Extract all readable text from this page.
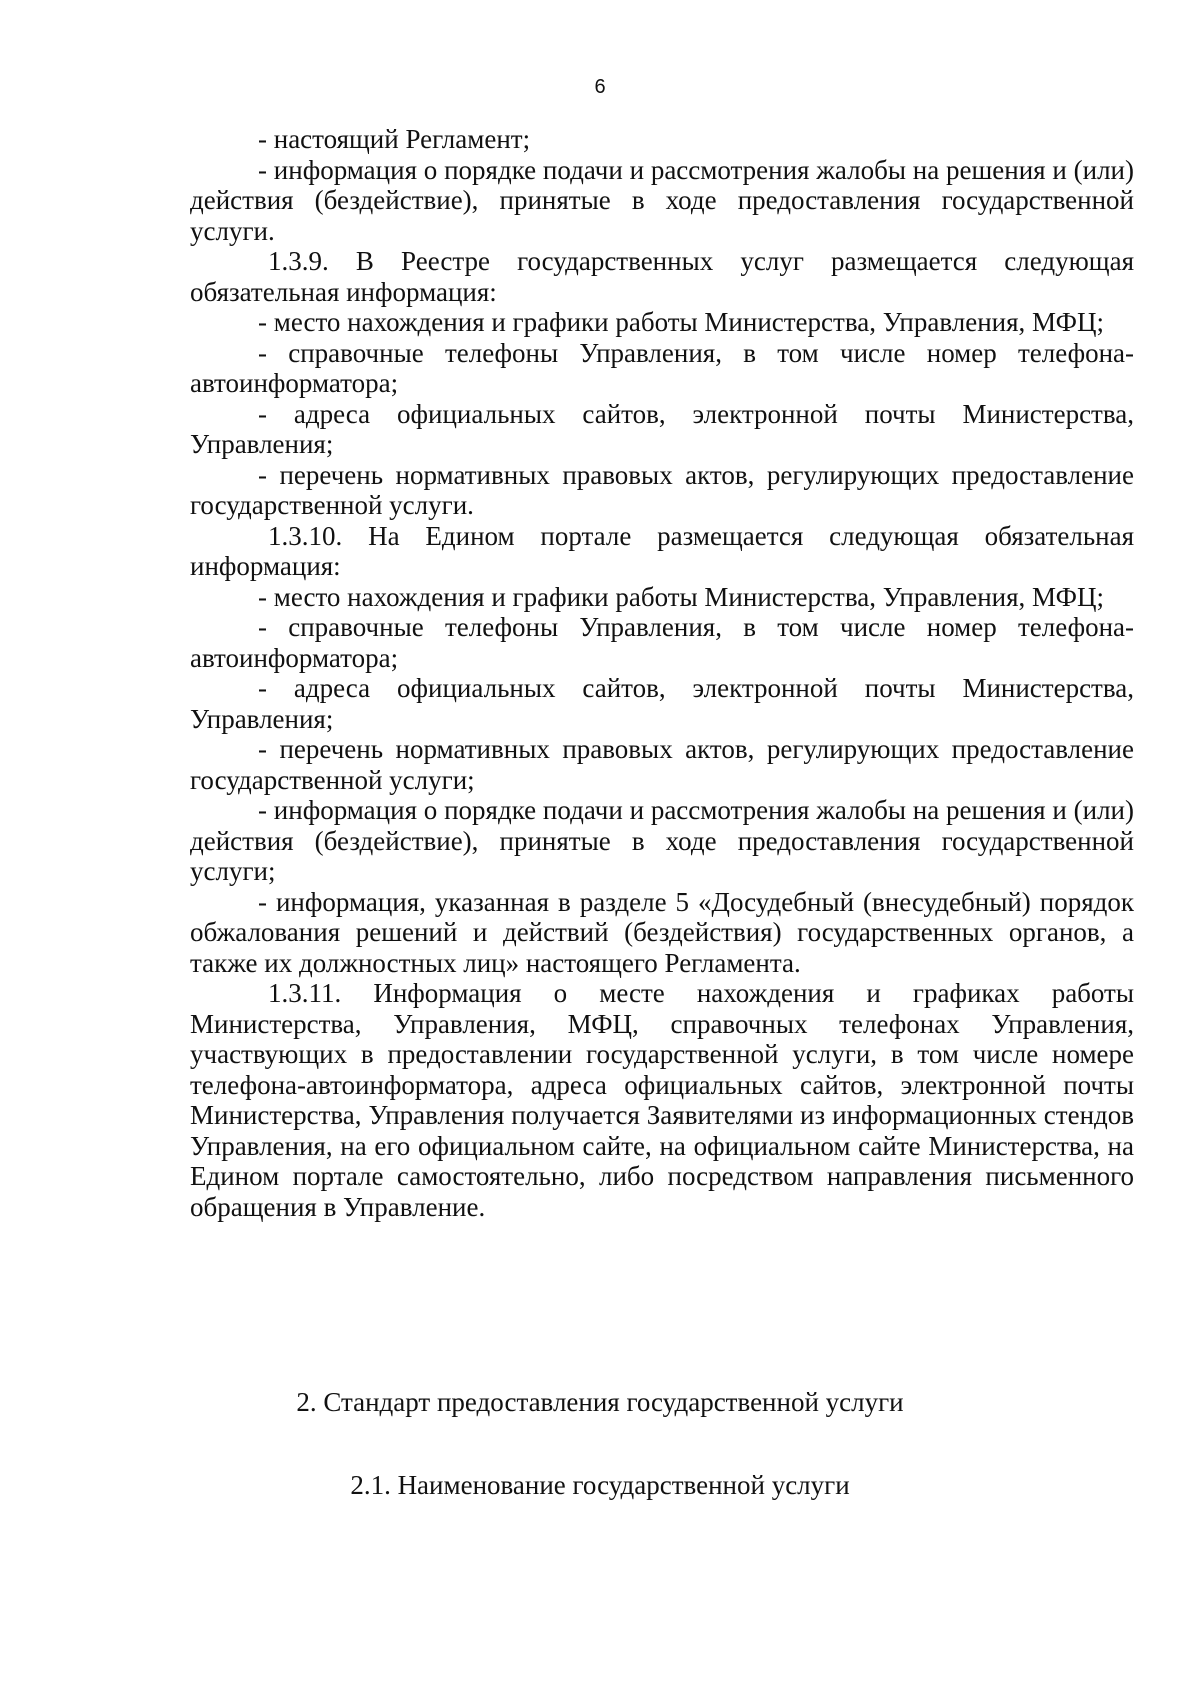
6

- настоящий Регламент;

- информация о порядке подачи и рассмотрения жалобы на решения и (или) действия (бездействие), принятые в ходе предоставления государственной услуги.

1.3.9. В Реестре государственных услуг размещается следующая обязательная информация:

- место нахождения и графики работы Министерства, Управления, МФЦ;

- справочные телефоны Управления, в том числе номер телефона-автоинформатора;

- адреса официальных сайтов, электронной почты Министерства, Управления;

- перечень нормативных правовых актов, регулирующих предоставление государственной услуги.

1.3.10. На Едином портале размещается следующая обязательная информация:

- место нахождения и графики работы Министерства, Управления, МФЦ;

- справочные телефоны Управления, в том числе номер телефона-автоинформатора;

- адреса официальных сайтов, электронной почты Министерства, Управления;

- перечень нормативных правовых актов, регулирующих предоставление государственной услуги;

- информация о порядке подачи и рассмотрения жалобы на решения и (или) действия (бездействие), принятые в ходе предоставления государственной услуги;

- информация, указанная в разделе 5 «Досудебный (внесудебный) порядок обжалования решений и действий (бездействия) государственных органов, а также их должностных лиц» настоящего Регламента.

1.3.11. Информация о месте нахождения и графиках работы Министерства, Управления, МФЦ, справочных телефонах Управления, участвующих в предоставлении государственной услуги, в том числе номере телефона-автоинформатора, адреса официальных сайтов, электронной почты Министерства, Управления получается Заявителями из информационных стендов Управления, на его официальном сайте, на официальном сайте Министерства, на Едином портале самостоятельно, либо посредством направления письменного обращения в Управление.

2. Стандарт предоставления государственной услуги

2.1. Наименование государственной услуги
